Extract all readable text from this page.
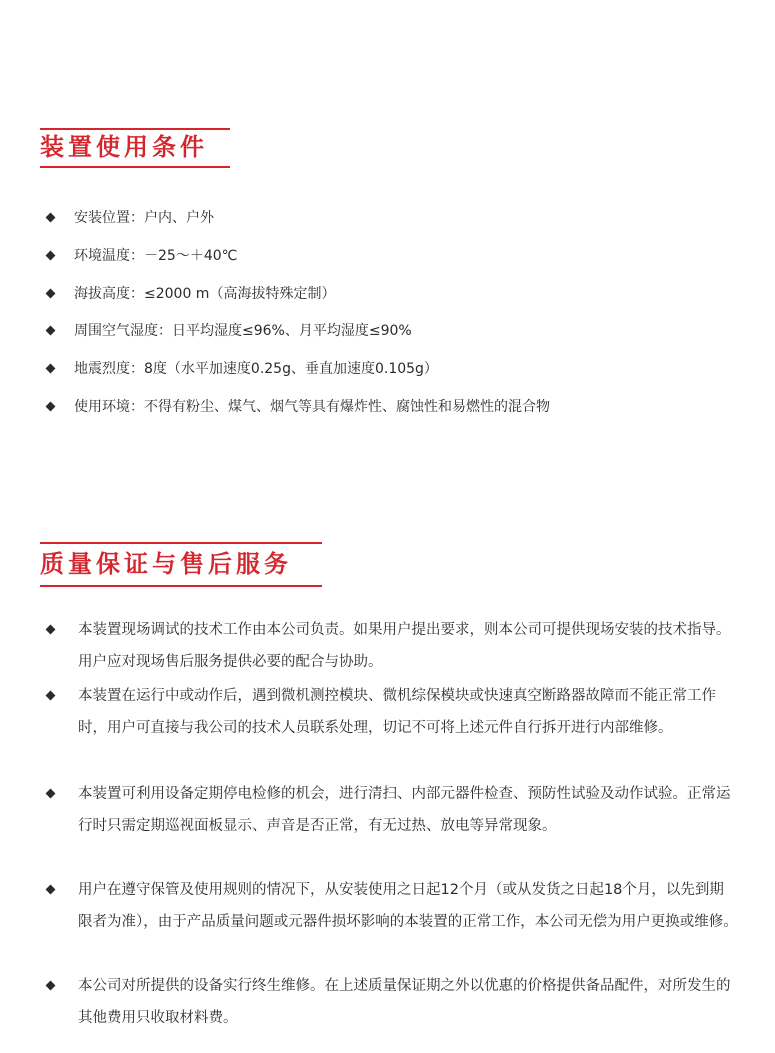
装置使用条件
安装位置：户内、户外
环境温度：－25～＋40℃
海拔高度：≤2000 m（高海拔特殊定制）
周围空气湿度：日平均湿度≤96%、月平均湿度≤90%
地震烈度：8度（水平加速度0.25g、垂直加速度0.105g）
使用环境：不得有粉尘、煤气、烟气等具有爆炸性、腐蚀性和易燃性的混合物
质量保证与售后服务
本装置现场调试的技术工作由本公司负责。如果用户提出要求，则本公司可提供现场安装的技术指导。用户应对现场售后服务提供必要的配合与协助。
本装置在运行中或动作后，遇到微机测控模块、微机综保模块或快速真空断路器故障而不能正常工作时，用户可直接与我公司的技术人员联系处理，切记不可将上述元件自行拆开进行内部维修。
本装置可利用设备定期停电检修的机会，进行清扫、内部元器件检查、预防性试验及动作试验。正常运行时只需定期巡视面板显示、声音是否正常，有无过热、放电等异常现象。
用户在遵守保管及使用规则的情况下，从安装使用之日起12个月（或从发货之日起18个月，以先到期限者为准），由于产品质量问题或元器件损坏影响的本装置的正常工作，本公司无偿为用户更换或维修。
本公司对所提供的设备实行终生维修。在上述质量保证期之外以优惠的价格提供备品配件，对所发生的其他费用只收取材料费。
